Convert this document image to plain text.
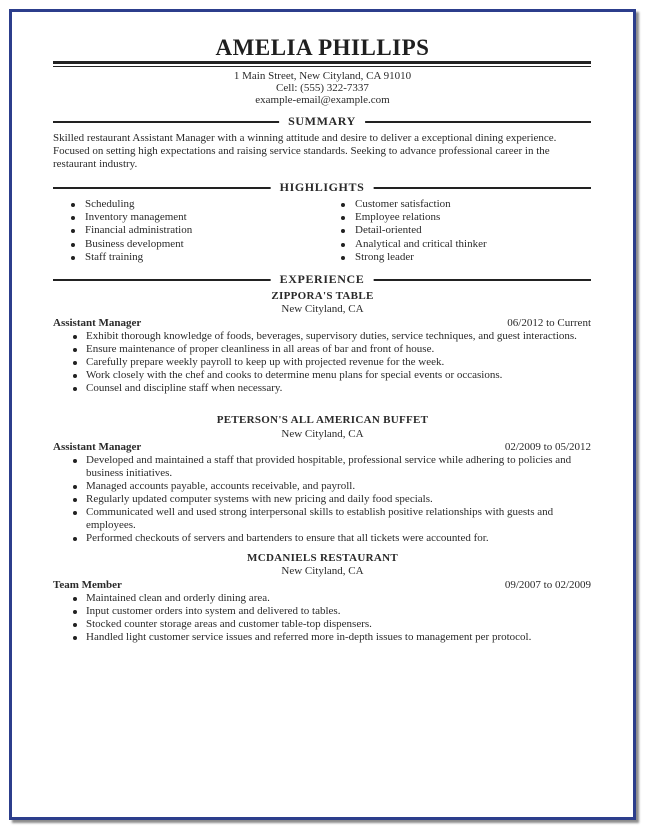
AMELIA PHILLIPS
1 Main Street, New Cityland, CA 91010
Cell: (555) 322-7337
example-email@example.com
SUMMARY
Skilled restaurant Assistant Manager with a winning attitude and desire to deliver a exceptional dining experience. Focused on setting high expectations and raising service standards. Seeking to advance professional career in the restaurant industry.
HIGHLIGHTS
Scheduling
Inventory management
Financial administration
Business development
Staff training
Customer satisfaction
Employee relations
Detail-oriented
Analytical and critical thinker
Strong leader
EXPERIENCE
ZIPPORA'S TABLE
New Cityland, CA
Assistant Manager	06/2012 to Current
Exhibit thorough knowledge of foods, beverages, supervisory duties, service techniques, and guest interactions.
Ensure maintenance of proper cleanliness in all areas of bar and front of house.
Carefully prepare weekly payroll to keep up with projected revenue for the week.
Work closely with the chef and cooks to determine menu plans for special events or occasions.
Counsel and discipline staff when necessary.
PETERSON'S ALL AMERICAN BUFFET
New Cityland, CA
Assistant Manager	02/2009 to 05/2012
Developed and maintained a staff that provided hospitable, professional service while adhering to policies and business initiatives.
Managed accounts payable, accounts receivable, and payroll.
Regularly updated computer systems with new pricing and daily food specials.
Communicated well and used strong interpersonal skills to establish positive relationships with guests and employees.
Performed checkouts of servers and bartenders to ensure that all tickets were accounted for.
MCDANIELS RESTAURANT
New Cityland, CA
Team Member	09/2007 to 02/2009
Maintained clean and orderly dining area.
Input customer orders into system and delivered to tables.
Stocked counter storage areas and customer table-top dispensers.
Handled light customer service issues and referred more in-depth issues to management per protocol.
